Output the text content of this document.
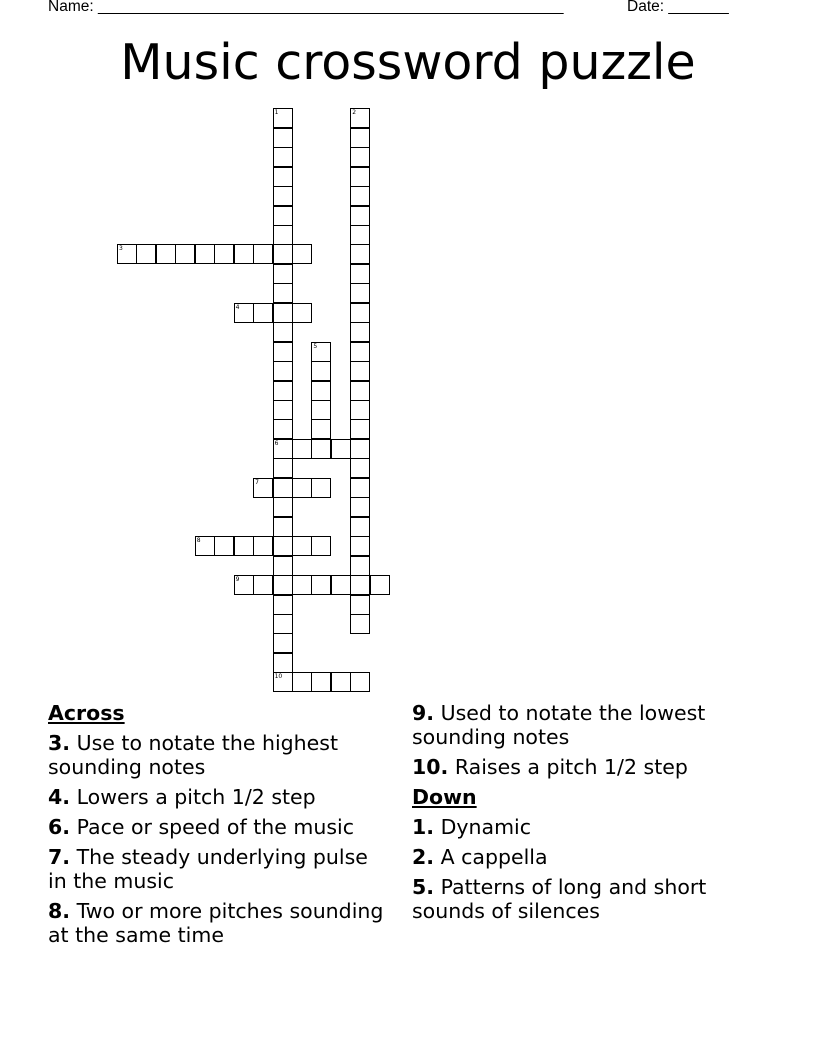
Name: ______________________________________________________	Date: _______
Music crossword puzzle
1
6
10
2
3
4
5
7
8
9
Across
3. Use to notate the highest sounding notes
4. Lowers a pitch 1/2 step
6. Pace or speed of the music
7. The steady underlying pulse in the music
8. Two or more pitches sounding at the same time
9. Used to notate the lowest sounding notes
10. Raises a pitch 1/2 step
Down
1. Dynamic
2. A cappella
5. Patterns of long and short sounds of silences
